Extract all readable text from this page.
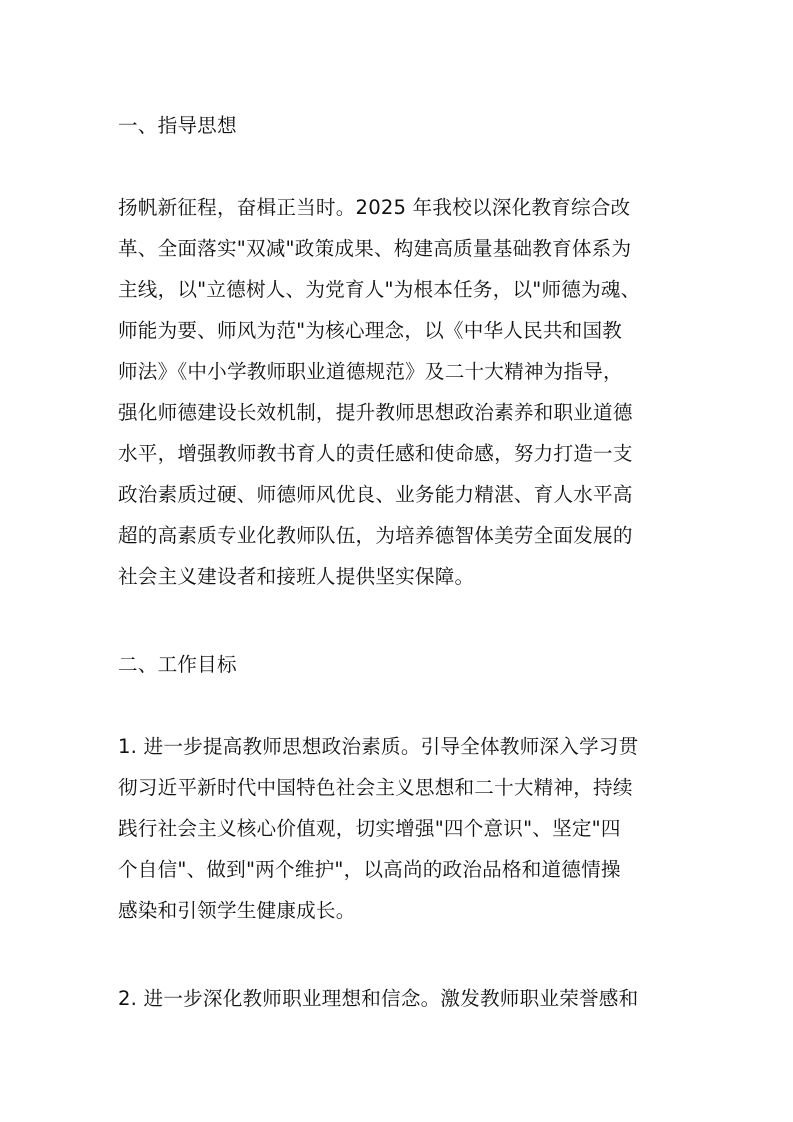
一、指导思想
扬帆新征程，奋楫正当时。2025 年我校以深化教育综合改
革、全面落实"双减"政策成果、构建高质量基础教育体系为
主线，以"立德树人、为党育人"为根本任务，以"师德为魂、
师能为要、师风为范"为核心理念，以《中华人民共和国教
师法》《中小学教师职业道德规范》及二十大精神为指导，
强化师德建设长效机制，提升教师思想政治素养和职业道德
水平，增强教师教书育人的责任感和使命感，努力打造一支
政治素质过硬、师德师风优良、业务能力精湛、育人水平高
超的高素质专业化教师队伍，为培养德智体美劳全面发展的
社会主义建设者和接班人提供坚实保障。
二、工作目标
1. 进一步提高教师思想政治素质。引导全体教师深入学习贯
彻习近平新时代中国特色社会主义思想和二十大精神，持续
践行社会主义核心价值观，切实增强"四个意识"、坚定"四
个自信"、做到"两个维护"，以高尚的政治品格和道德情操
感染和引领学生健康成长。
2. 进一步深化教师职业理想和信念。激发教师职业荣誉感和
